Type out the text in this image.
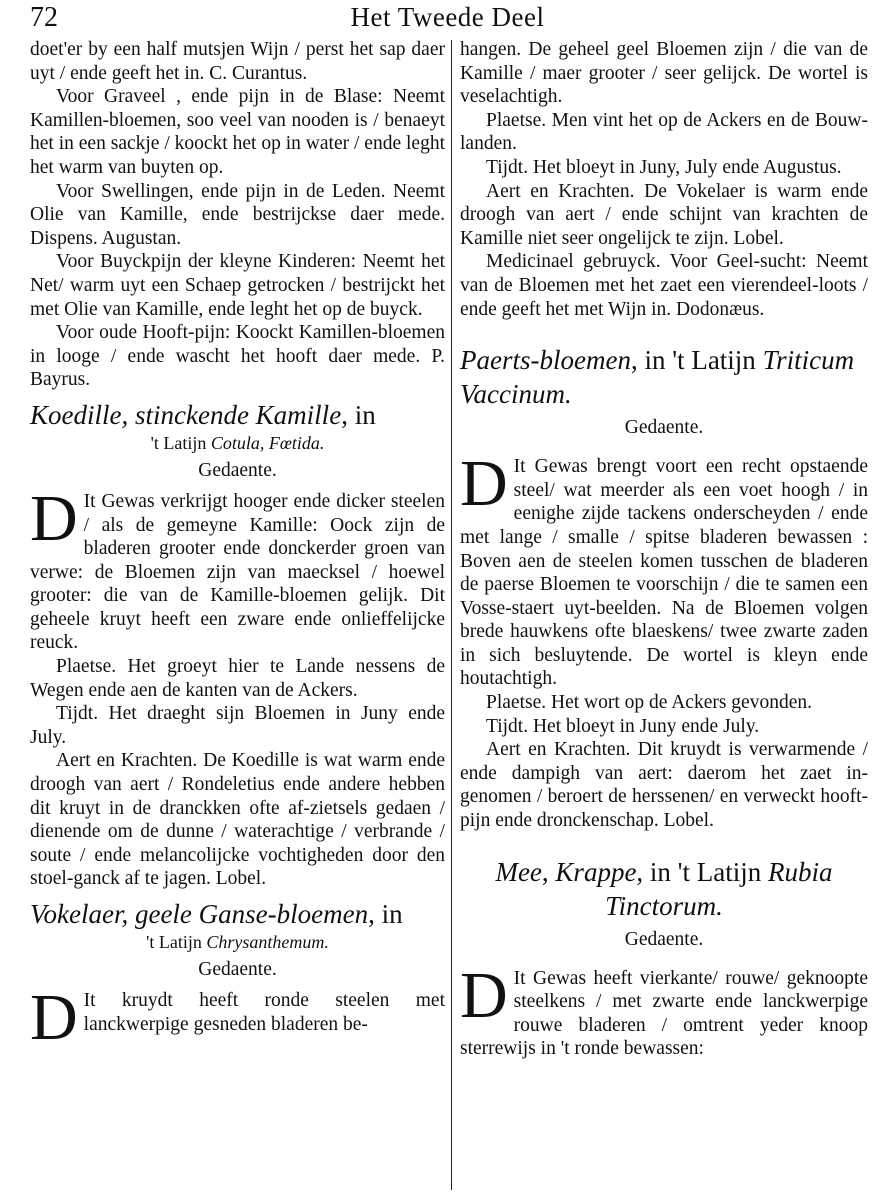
72	Het Tweede Deel

doet'er by een half mutsjen Wijn / perst het sap daer uyt / ende geeft het in. C. Curantus.

Voor Graveel , ende pijn in de Blase: Neemt Kamillen-bloemen, soo veel van nooden is / benaeyt het in een sackje / koockt het op in water / ende leght het warm van buyten op.

Voor Swellingen, ende pijn in de Leden. Neemt Olie van Kamille, ende bestrijckse daer mede. Dispens. Augustan.

Voor Buyckpijn der kleyne Kinderen: Neemt het Net/ warm uyt een Schaep getrocken / bestrijckt het met Olie van Kamille, ende leght het op de buyck.

Voor oude Hooft-pijn: Koockt Kamillen-bloemen in looge / ende wascht het hooft daer mede. P. Bayrus.

Koedille, stinckende Kamille, in
't Latijn Cotula, Fœtida.
Gedaente.

D It Gewas verkrijgt hooger ende dicker steelen / als de gemeyne Kamille: Oock zijn de bladeren grooter ende donckerder groen van verwe: de Bloemen zijn van maecksel / hoewel grooter: die van de Kamille-bloemen gelijk. Dit geheele kruyt heeft een zware ende onlieffelijcke reuck.

Plaetse. Het groeyt hier te Lande nessens de Wegen ende aen de kanten van de Ackers.

Tijdt. Het draeght sijn Bloemen in Juny ende July.

Aert en Krachten. De Koedille is wat warm ende droogh van aert / Rondeletius ende andere hebben dit kruyt in de dranckken ofte af-zietsels gedaen / dienende om de dunne / waterachtige / verbrande / soute / ende melancolijcke vochtigheden door den stoel-ganck af te jagen. Lobel.

Vokelaer, geele Ganse-bloemen, in
't Latijn Chrysanthemum.
Gedaente.

D It kruydt heeft ronde steelen met lanckwerpige gesneden bladeren be-

hangen. De geheel geel Bloemen zijn / die van de Kamille / maer grooter / seer gelijck. De wortel is veselachtigh.

Plaetse. Men vint het op de Ackers en de Bouw-landen.

Tijdt. Het bloeyt in Juny, July ende Augustus.

Aert en Krachten. De Vokelaer is warm ende droogh van aert / ende schijnt van krachten de Kamille niet seer ongelijck te zijn. Lobel.

Medicinael gebruyck. Voor Geel-sucht: Neemt van de Bloemen met het zaet een vierendeel-loots / ende geeft het met Wijn in. Dodonæus.

Paerts-bloemen, in 't Latijn Triticum Vaccinum.
Gedaente.

D It Gewas brengt voort een recht opstaende steel/ wat meerder als een voet hoogh / in eenighe zijde tackens onderscheyden / ende met lange / smalle / spitse bladeren bewassen : Boven aen de steelen komen tusschen de bladeren de paerse Bloemen te voorschijn / die te samen een Vosse-staert uyt-beelden. Na de Bloemen volgen brede hauwkens ofte blaeskens/ twee zwarte zaden in sich besluytende. De wortel is kleyn ende houtachtigh.

Plaetse. Het wort op de Ackers gevonden.

Tijdt. Het bloeyt in Juny ende July.

Aert en Krachten. Dit kruydt is verwarmende / ende dampigh van aert: daerom het zaet in-genomen / beroert de herssenen/ en verweckt hooft-pijn ende dronckenschap. Lobel.

Mee, Krappe, in 't Latijn Rubia Tinctorum.
Gedaente.

D It Gewas heeft vierkante/ rouwe/ geknoopte steelkens / met zwarte ende lanckwerpige rouwe bladeren / omtrent yeder knoop sterrewijs in 't ronde bewassen:
